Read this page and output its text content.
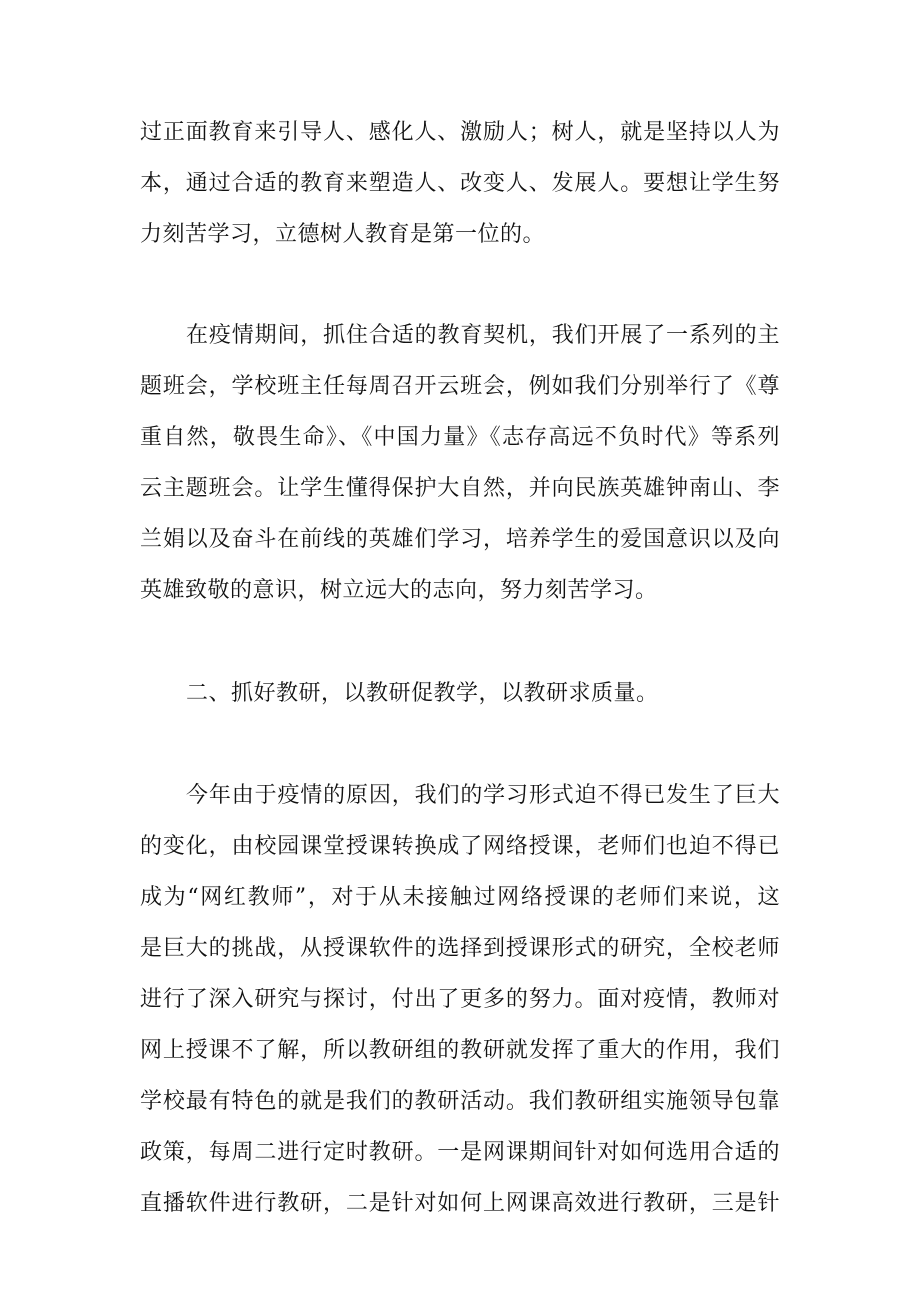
过正面教育来引导人、感化人、激励人；树人，就是坚持以人为

本，通过合适的教育来塑造人、改变人、发展人。要想让学生努

力刻苦学习，立德树人教育是第一位的。

在疫情期间，抓住合适的教育契机，我们开展了一系列的主

题班会，学校班主任每周召开云班会，例如我们分别举行了《尊

重自然，敬畏生命》、《中国力量》《志存高远不负时代》等系列

云主题班会。让学生懂得保护大自然，并向民族英雄钟南山、李

兰娟以及奋斗在前线的英雄们学习，培养学生的爱国意识以及向

英雄致敬的意识，树立远大的志向，努力刻苦学习。

二、抓好教研，以教研促教学，以教研求质量。

今年由于疫情的原因，我们的学习形式迫不得已发生了巨大

的变化，由校园课堂授课转换成了网络授课，老师们也迫不得已

成为“网红教师”，对于从未接触过网络授课的老师们来说，这

是巨大的挑战，从授课软件的选择到授课形式的研究，全校老师

进行了深入研究与探讨，付出了更多的努力。面对疫情，教师对

网上授课不了解，所以教研组的教研就发挥了重大的作用，我们

学校最有特色的就是我们的教研活动。我们教研组实施领导包靠

政策，每周二进行定时教研。一是网课期间针对如何选用合适的

直播软件进行教研，二是针对如何上网课高效进行教研，三是针
